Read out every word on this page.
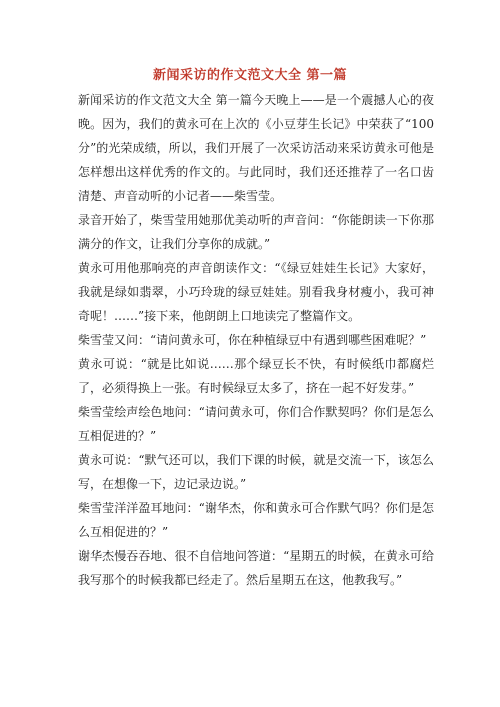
新闻采访的作文范文大全 第一篇

新闻采访的作文范文大全 第一篇今天晚上——是一个震撼人心的夜晚。因为，我们的黄永可在上次的《小豆芽生长记》中荣获了“100分”的光荣成绩，所以，我们开展了一次采访活动来采访黄永可他是怎样想出这样优秀的作文的。与此同时，我们还还推荐了一名口齿清楚、声音动听的小记者——柴雪莹。

录音开始了，柴雪莹用她那优美动听的声音问：“你能朗读一下你那满分的作文，让我们分享你的成就。”

黄永可用他那响亮的声音朗读作文：“《绿豆娃娃生长记》大家好，我就是绿如翡翠，小巧玲珑的绿豆娃娃。别看我身材瘦小，我可神奇呢！……”接下来，他朗朗上口地读完了整篇作文。

柴雪莹又问：“请问黄永可，你在种植绿豆中有遇到哪些困难呢？”

黄永可说：“就是比如说……那个绿豆长不快，有时候纸巾都腐烂了，必须得换上一张。有时候绿豆太多了，挤在一起不好发芽。”

柴雪莹绘声绘色地问：“请问黄永可，你们合作默契吗？你们是怎么互相促进的？”

黄永可说：“默气还可以，我们下课的时候，就是交流一下，该怎么写，在想像一下，边记录边说。”

柴雪莹洋洋盈耳地问：“谢华杰，你和黄永可合作默气吗？你们是怎么互相促进的？”

谢华杰慢吞吞地、很不自信地问答道：“星期五的时候，在黄永可给我写那个的时候我都已经走了。然后星期五在这，他教我写。”
